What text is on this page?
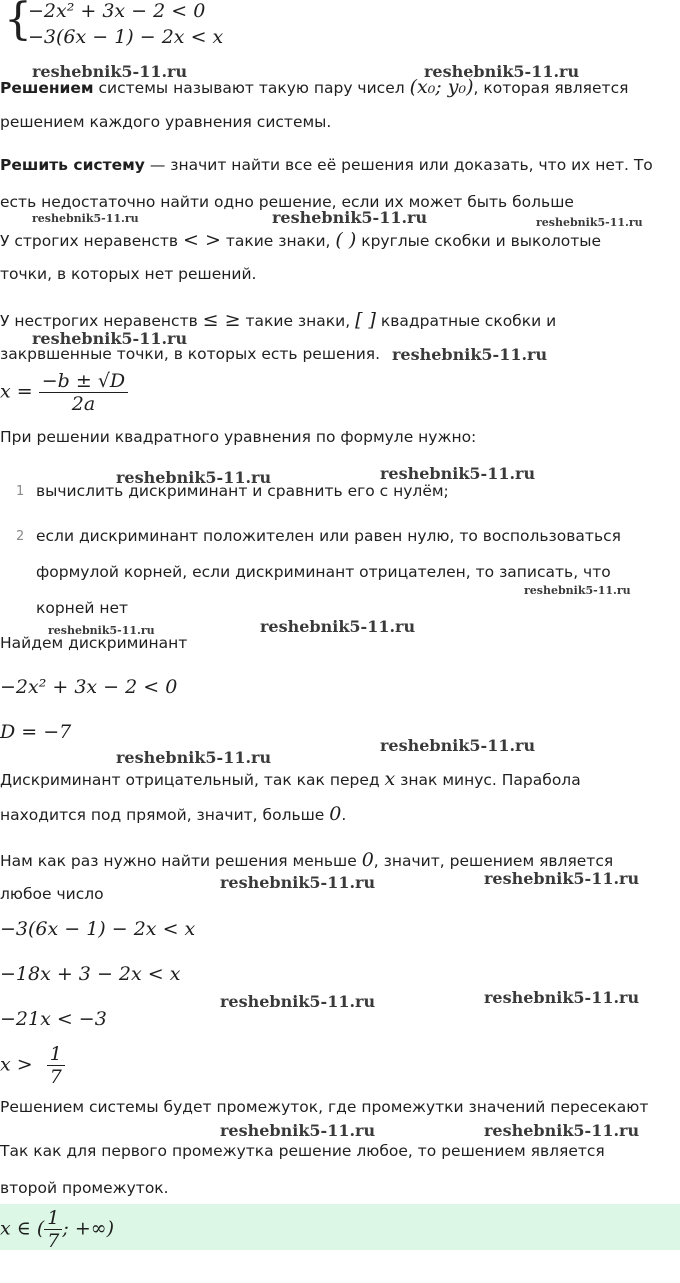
{
−2x² + 3x − 2 < 0
−3(6x − 1) − 2x < x
Решением системы называют такую пару чисел (x₀; y₀), которая является
решением каждого уравнения системы.
Решить систему — значит найти все её решения или доказать, что их нет. То
есть недостаточно найти одно решение, если их может быть больше
У строгих неравенств < > такие знаки, ( ) круглые скобки и выколотые
точки, в которых нет решений.
У нестрогих неравенств ≤ ≥ такие знаки, [ ] квадратные скобки и
закрвшенные точки, в которых есть решения.
$x = \frac{-b \pm √D}{2a}$
При решении квадратного уравнения по формуле нужно:
1 вычислить дискриминант и сравнить его с нулём;
2 если дискриминант положителен или равен нулю, то воспользоваться
формулой корней, если дискриминант отрицателен, то записать, что
корней нет
Найдем дискриминант
−2x² + 3x − 2 < 0
D = −7
Дискриминант отрицательный, так как перед x знак минус. Парабола
находится под прямой, значит, больше 0.
Нам как раз нужно найти решения меньше 0, значит, решением является
любое число
−3(6x − 1) − 2x < x
−18x + 3 − 2x < x
−21x < −3
$x > \frac{1}{7}$
Решением системы будет промежуток, где промежутки значений пересекают
Так как для первого промежутка решение любое, то решением является
второй промежуток.
x ∈ ( $\frac{1}{7}$ ; +∞)
reshebnik5-11.ru	reshebnik5-11.ru
reshebnik5-11.ru	reshebnik5-11.ru	reshebnik5-11.ru
reshebnik5-11.ru
reshebnik5-11.ru
reshebnik5-11.ru	reshebnik5-11.ru
reshebnik5-11.ru
reshebnik5-11.ru	reshebnik5-11.ru
reshebnik5-11.ru
reshebnik5-11.ru
reshebnik5-11.ru	reshebnik5-11.ru
reshebnik5-11.ru	reshebnik5-11.ru
reshebnik5-11.ru	reshebnik5-11.ru
